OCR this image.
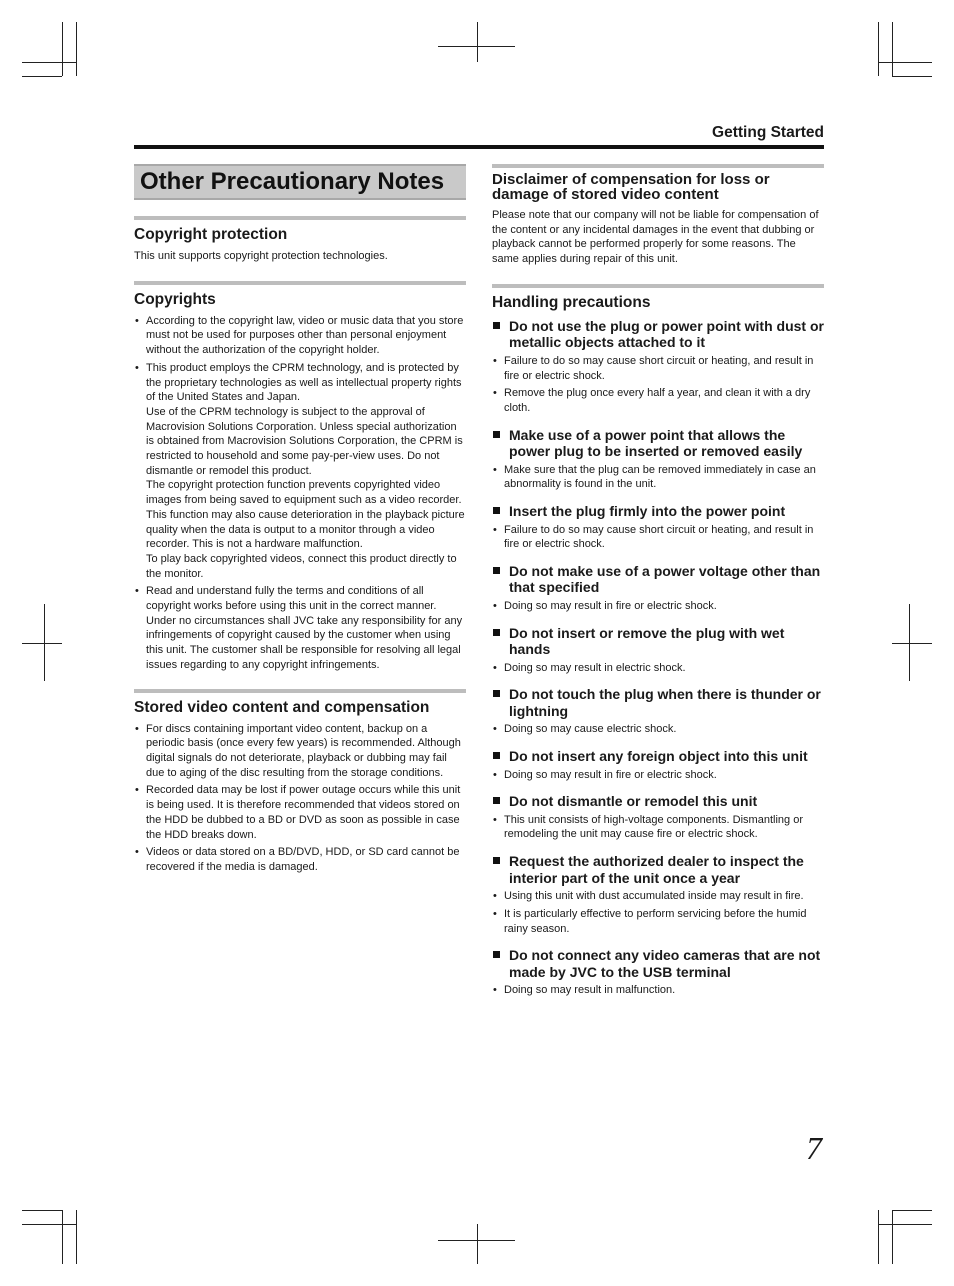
Getting Started
Other Precautionary Notes
Copyright protection

This unit supports copyright protection technologies.

Copyrights
• According to the copyright law, video or music data that you store must not be used for purposes other than personal enjoyment without the authorization of the copyright holder.
• This product employs the CPRM technology, and is protected by the proprietary technologies as well as intellectual property rights of the United States and Japan.
Use of the CPRM technology is subject to the approval of Macrovision Solutions Corporation. Unless special authorization is obtained from Macrovision Solutions Corporation, the CPRM is restricted to household and some pay-per-view uses. Do not dismantle or remodel this product.
The copyright protection function prevents copyrighted video images from being saved to equipment such as a video recorder. This function may also cause deterioration in the playback picture quality when the data is output to a monitor through a video recorder. This is not a hardware malfunction.
To play back copyrighted videos, connect this product directly to the monitor.
• Read and understand fully the terms and conditions of all copyright works before using this unit in the correct manner. Under no circumstances shall JVC take any responsibility for any infringements of copyright caused by the customer when using this unit. The customer shall be responsible for resolving all legal issues regarding to any copyright infringements.
Stored video content and compensation
• For discs containing important video content, backup on a periodic basis (once every few years) is recommended. Although digital signals do not deteriorate, playback or dubbing may fail due to aging of the disc resulting from the storage conditions.
• Recorded data may be lost if power outage occurs while this unit is being used. It is therefore recommended that videos stored on the HDD be dubbed to a BD or DVD as soon as possible in case the HDD breaks down.
• Videos or data stored on a BD/DVD, HDD, or SD card cannot be recovered if the media is damaged.
Disclaimer of compensation for loss or damage of stored video content

Please note that our company will not be liable for compensation of the content or any incidental damages in the event that dubbing or playback cannot be performed properly for some reasons. The same applies during repair of this unit.

Handling precautions
Do not use the plug or power point with dust or metallic objects attached to it
• Failure to do so may cause short circuit or heating, and result in fire or electric shock.
• Remove the plug once every half a year, and clean it with a dry cloth.
Make use of a power point that allows the power plug to be inserted or removed easily
• Make sure that the plug can be removed immediately in case an abnormality is found in the unit.
Insert the plug firmly into the power point
• Failure to do so may cause short circuit or heating, and result in fire or electric shock.
Do not make use of a power voltage other than that specified
• Doing so may result in fire or electric shock.
Do not insert or remove the plug with wet hands
• Doing so may result in electric shock.
Do not touch the plug when there is thunder or lightning
• Doing so may cause electric shock.
Do not insert any foreign object into this unit
• Doing so may result in fire or electric shock.
Do not dismantle or remodel this unit
• This unit consists of high-voltage components. Dismantling or remodeling the unit may cause fire or electric shock.
Request the authorized dealer to inspect the interior part of the unit once a year
• Using this unit with dust accumulated inside may result in fire.
• It is particularly effective to perform servicing before the humid rainy season.
Do not connect any video cameras that are not made by JVC to the USB terminal
• Doing so may result in malfunction.
7
